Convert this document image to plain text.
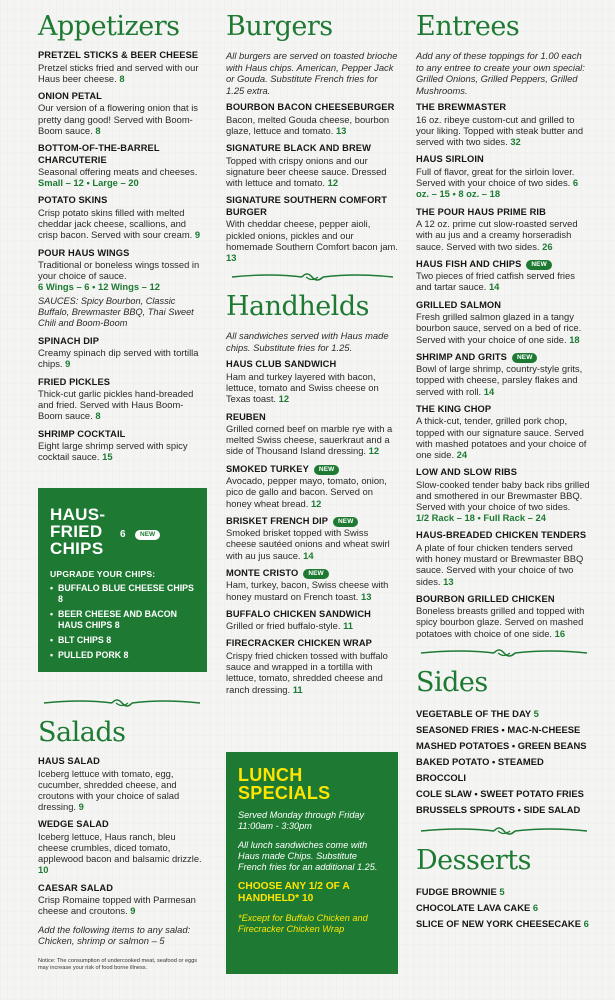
Appetizers
PRETZEL STICKS & BEER CHEESE
Pretzel sticks fried and served with our Haus beer cheese. 8
ONION PETAL
Our version of a flowering onion that is pretty dang good! Served with Boom-Boom sauce. 8
BOTTOM-OF-THE-BARREL CHARCUTERIE
Seasonal offering meats and cheeses. Small – 12 • Large – 20
POTATO SKINS
Crisp potato skins filled with melted cheddar jack cheese, scallions, and crisp bacon. Served with sour cream. 9
POUR HAUS WINGS
Traditional or boneless wings tossed in your choice of sauce.
6 Wings – 6 • 12 Wings – 12
SAUCES: Spicy Bourbon, Classic Buffalo, Brewmaster BBQ, Thai Sweet Chili and Boom-Boom
SPINACH DIP
Creamy spinach dip served with tortilla chips. 9
FRIED PICKLES
Thick-cut garlic pickles hand-breaded and fried. Served with Haus Boom-Boom sauce. 8
SHRIMP COCKTAIL
Eight large shrimp served with spicy cocktail sauce. 15
HAUS-FRIED CHIPS
6 NEW
UPGRADE YOUR CHIPS:
• BUFFALO BLUE CHEESE CHIPS 8
• BEER CHEESE AND BACON HAUS CHIPS 8
• BLT CHIPS 8
• PULLED PORK 8
Salads
HAUS SALAD
Iceberg lettuce with tomato, egg, cucumber, shredded cheese, and croutons with your choice of salad dressing. 9
WEDGE SALAD
Iceberg lettuce, Haus ranch, bleu cheese crumbles, diced tomato, applewood bacon and balsamic drizzle. 10
CAESAR SALAD
Crisp Romaine topped with Parmesan cheese and croutons. 9
Add the following items to any salad: Chicken, shrimp or salmon – 5
Notice: The consumption of undercooked meat, seafood or eggs may increase your risk of food borne illness.
Burgers
All burgers are served on toasted brioche with Haus chips. American, Pepper Jack or Gouda. Substitute French fries for 1.25 extra.
BOURBON BACON CHEESEBURGER
Bacon, melted Gouda cheese, bourbon glaze, lettuce and tomato. 13
SIGNATURE BLACK AND BREW
Topped with crispy onions and our signature beer cheese sauce. Dressed with lettuce and tomato. 12
SIGNATURE SOUTHERN COMFORT BURGER
With cheddar cheese, pepper aioli, pickled onions, pickles and our homemade Southern Comfort bacon jam. 13
Handhelds
All sandwiches served with Haus made chips. Substitute fries for 1.25.
HAUS CLUB SANDWICH
Ham and turkey layered with bacon, lettuce, tomato and Swiss cheese on Texas toast. 12
REUBEN
Grilled corned beef on marble rye with a melted Swiss cheese, sauerkraut and a side of Thousand Island dressing. 12
SMOKED TURKEY NEW
Avocado, pepper mayo, tomato, onion, pico de gallo and bacon. Served on honey wheat bread. 12
BRISKET FRENCH DIP NEW
Smoked brisket topped with Swiss cheese sautéed onions and wheat swirl with au jus sauce. 14
MONTE CRISTO NEW
Ham, turkey, bacon, Swiss cheese with honey mustard on French toast. 13
BUFFALO CHICKEN SANDWICH
Grilled or fried buffalo-style. 11
FIRECRACKER CHICKEN WRAP
Crispy fried chicken tossed with buffalo sauce and wrapped in a tortilla with lettuce, tomato, shredded cheese and ranch dressing. 11
LUNCH SPECIALS
Served Monday through Friday 11:00am - 3:30pm
All lunch sandwiches come with Haus made Chips. Substitute French fries for an additional 1.25.
CHOOSE ANY 1/2 OF A HANDHELD* 10
*Except for Buffalo Chicken and Firecracker Chicken Wrap
Entrees
Add any of these toppings for 1.00 each to any entree to create your own special: Grilled Onions, Grilled Peppers, Grilled Mushrooms.
THE BREWMASTER
16 oz. ribeye custom-cut and grilled to your liking. Topped with steak butter and served with two sides. 32
HAUS SIRLOIN
Full of flavor, great for the sirloin lover. Served with your choice of two sides. 6 oz. – 15 • 8 oz. – 18
THE POUR HAUS PRIME RIB
A 12 oz. prime cut slow-roasted served with au jus and a creamy horseradish sauce. Served with two sides. 26
HAUS FISH AND CHIPS NEW
Two pieces of fried catfish served fries and tartar sauce. 14
GRILLED SALMON
Fresh grilled salmon glazed in a tangy bourbon sauce, served on a bed of rice. Served with your choice of one side. 18
SHRIMP AND GRITS NEW
Bowl of large shrimp, country-style grits, topped with cheese, parsley flakes and served with roll. 14
THE KING CHOP
A thick-cut, tender, grilled pork chop, topped with our signature sauce. Served with mashed potatoes and your choice of one side. 24
LOW AND SLOW RIBS
Slow-cooked tender baby back ribs grilled and smothered in our Brewmaster BBQ. Served with your choice of two sides.
1/2 Rack – 18 • Full Rack – 24
HAUS-BREADED CHICKEN TENDERS
A plate of four chicken tenders served with honey mustard or Brewmaster BBQ sauce. Served with your choice of two sides. 13
BOURBON GRILLED CHICKEN
Boneless breasts grilled and topped with spicy bourbon glaze. Served on mashed potatoes with choice of one side. 16
Sides
VEGETABLE OF THE DAY 5
SEASONED FRIES • MAC-N-CHEESE
MASHED POTATOES • GREEN BEANS
BAKED POTATO • STEAMED BROCCOLI
COLE SLAW • SWEET POTATO FRIES
BRUSSELS SPROUTS • SIDE SALAD
Desserts
FUDGE BROWNIE 5
CHOCOLATE LAVA CAKE 6
SLICE OF NEW YORK CHEESECAKE 6
